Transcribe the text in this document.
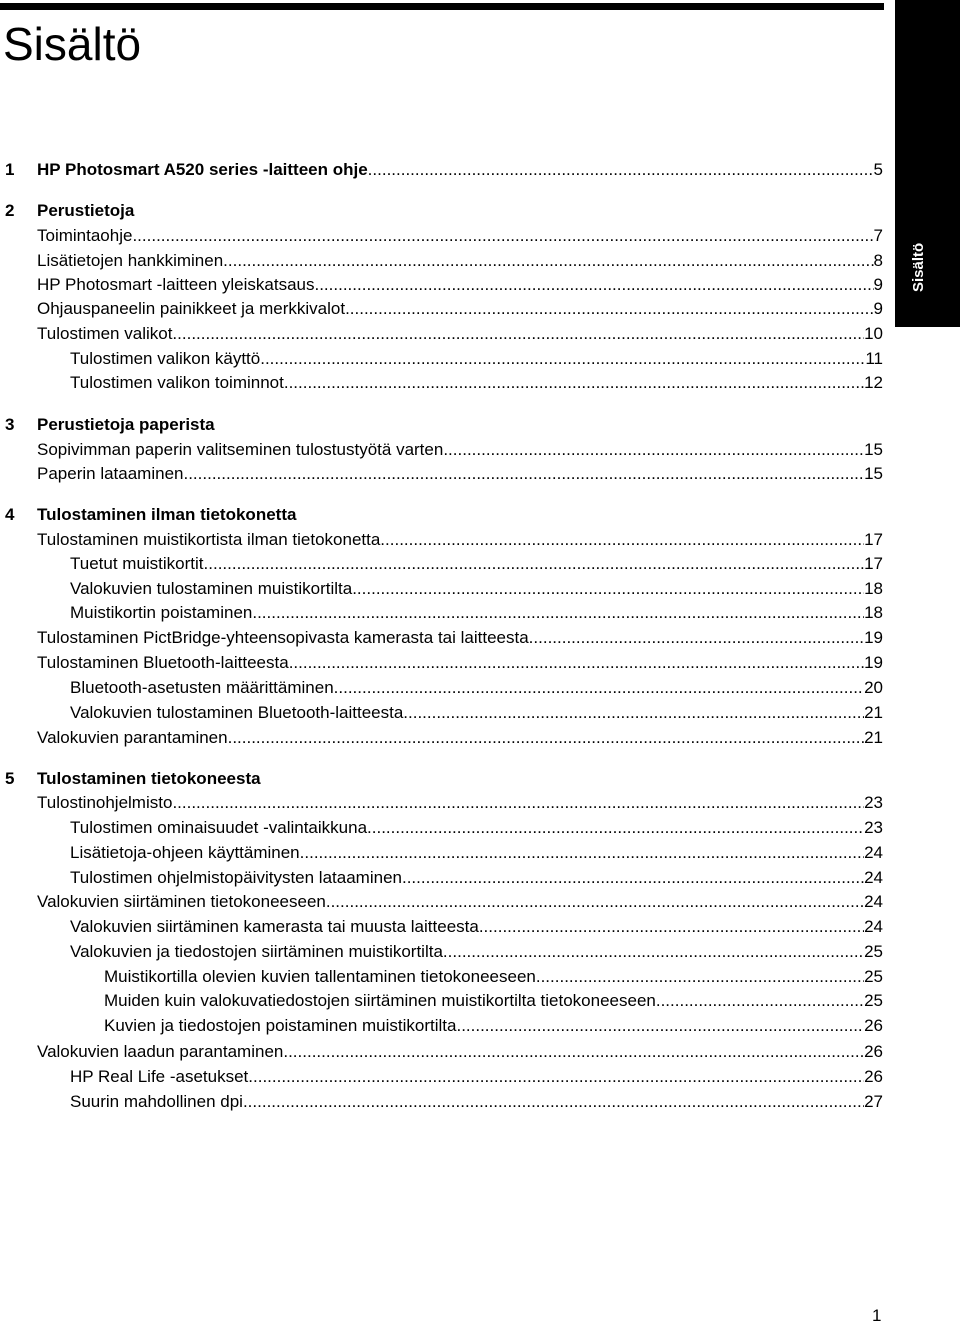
Sisältö
Sisältö
1	HP Photosmart A520 series -laitteen ohje .....	5
2 Perustietoja
Toimintaohje .....	7
Lisätietojen hankkiminen .....	8
HP Photosmart -laitteen yleiskatsaus .....	9
Ohjauspaneelin painikkeet ja merkkivalot .....	9
Tulostimen valikot .....	10
Tulostimen valikon käyttö .....	11
Tulostimen valikon toiminnot .....	12
3 Perustietoja paperista
Sopivimman paperin valitseminen tulostustyötä varten .....	15
Paperin lataaminen .....	15
4 Tulostaminen ilman tietokonetta
Tulostaminen muistikortista ilman tietokonetta .....	17
Tuetut muistikortit .....	17
Valokuvien tulostaminen muistikortilta .....	18
Muistikortin poistaminen .....	18
Tulostaminen PictBridge-yhteensopivasta kamerasta tai laitteesta .....	19
Tulostaminen Bluetooth-laitteesta .....	19
Bluetooth-asetusten määrittäminen .....	20
Valokuvien tulostaminen Bluetooth-laitteesta .....	21
Valokuvien parantaminen .....	21
5 Tulostaminen tietokoneesta
Tulostinohjelmisto .....	23
Tulostimen ominaisuudet -valintaikkuna .....	23
Lisätietoja-ohjeen käyttäminen .....	24
Tulostimen ohjelmistopäivitysten lataaminen .....	24
Valokuvien siirtäminen tietokoneeseen .....	24
Valokuvien siirtäminen kamerasta tai muusta laitteesta .....	24
Valokuvien ja tiedostojen siirtäminen muistikortilta .....	25
Muistikortilla olevien kuvien tallentaminen tietokoneeseen .....	25
Muiden kuin valokuvatiedostojen siirtäminen muistikortilta tietokoneeseen .....	25
Kuvien ja tiedostojen poistaminen muistikortilta .....	26
Valokuvien laadun parantaminen .....	26
HP Real Life -asetukset .....	26
Suurin mahdollinen dpi .....	27
1
